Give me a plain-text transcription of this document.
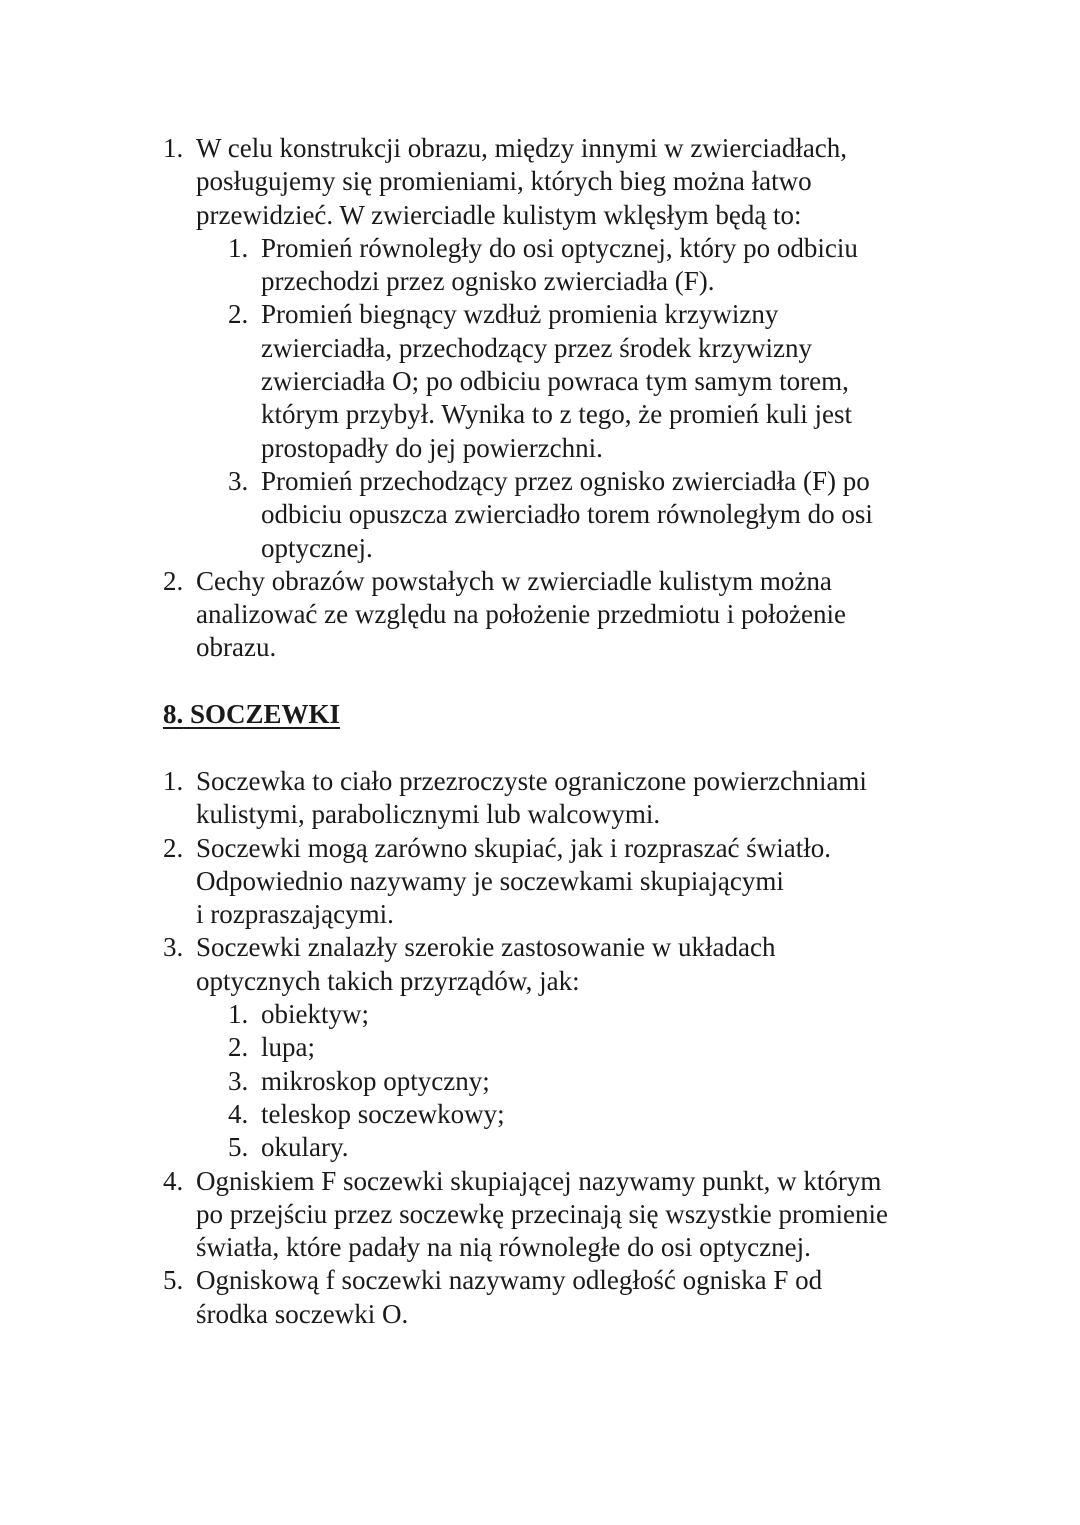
1. W celu konstrukcji obrazu, między innymi w zwierciadłach,
posługujemy się promieniami, których bieg można łatwo
przewidzieć. W zwierciadle kulistym wklęsłym będą to:
1. Promień równoległy do osi optycznej, który po odbiciu
przechodzi przez ognisko zwierciadła (F).
2. Promień biegnący wzdłuż promienia krzywizny
zwierciadła, przechodzący przez środek krzywizny
zwierciadła O; po odbiciu powraca tym samym torem,
którym przybył. Wynika to z tego, że promień kuli jest
prostopadły do jej powierzchni.
3. Promień przechodzący przez ognisko zwierciadła (F) po
odbiciu opuszcza zwierciadło torem równoległym do osi
optycznej.
2. Cechy obrazów powstałych w zwierciadle kulistym można
analizować ze względu na położenie przedmiotu i położenie
obrazu.
8. SOCZEWKI
1. Soczewka to ciało przezroczyste ograniczone powierzchniami
kulistymi, parabolicznymi lub walcowymi.
2. Soczewki mogą zarówno skupiać, jak i rozpraszać światło.
Odpowiednio nazywamy je soczewkami skupiającymi
i rozpraszającymi.
3. Soczewki znalazły szerokie zastosowanie w układach
optycznych takich przyrządów, jak:
1. obiektyw;
2. lupa;
3. mikroskop optyczny;
4. teleskop soczewkowy;
5. okulary.
4. Ogniskiem F soczewki skupiającej nazywamy punkt, w którym
po przejściu przez soczewkę przecinają się wszystkie promienie
światła, które padały na nią równoległe do osi optycznej.
5. Ogniskową f soczewki nazywamy odległość ogniska F od
środka soczewki O.
